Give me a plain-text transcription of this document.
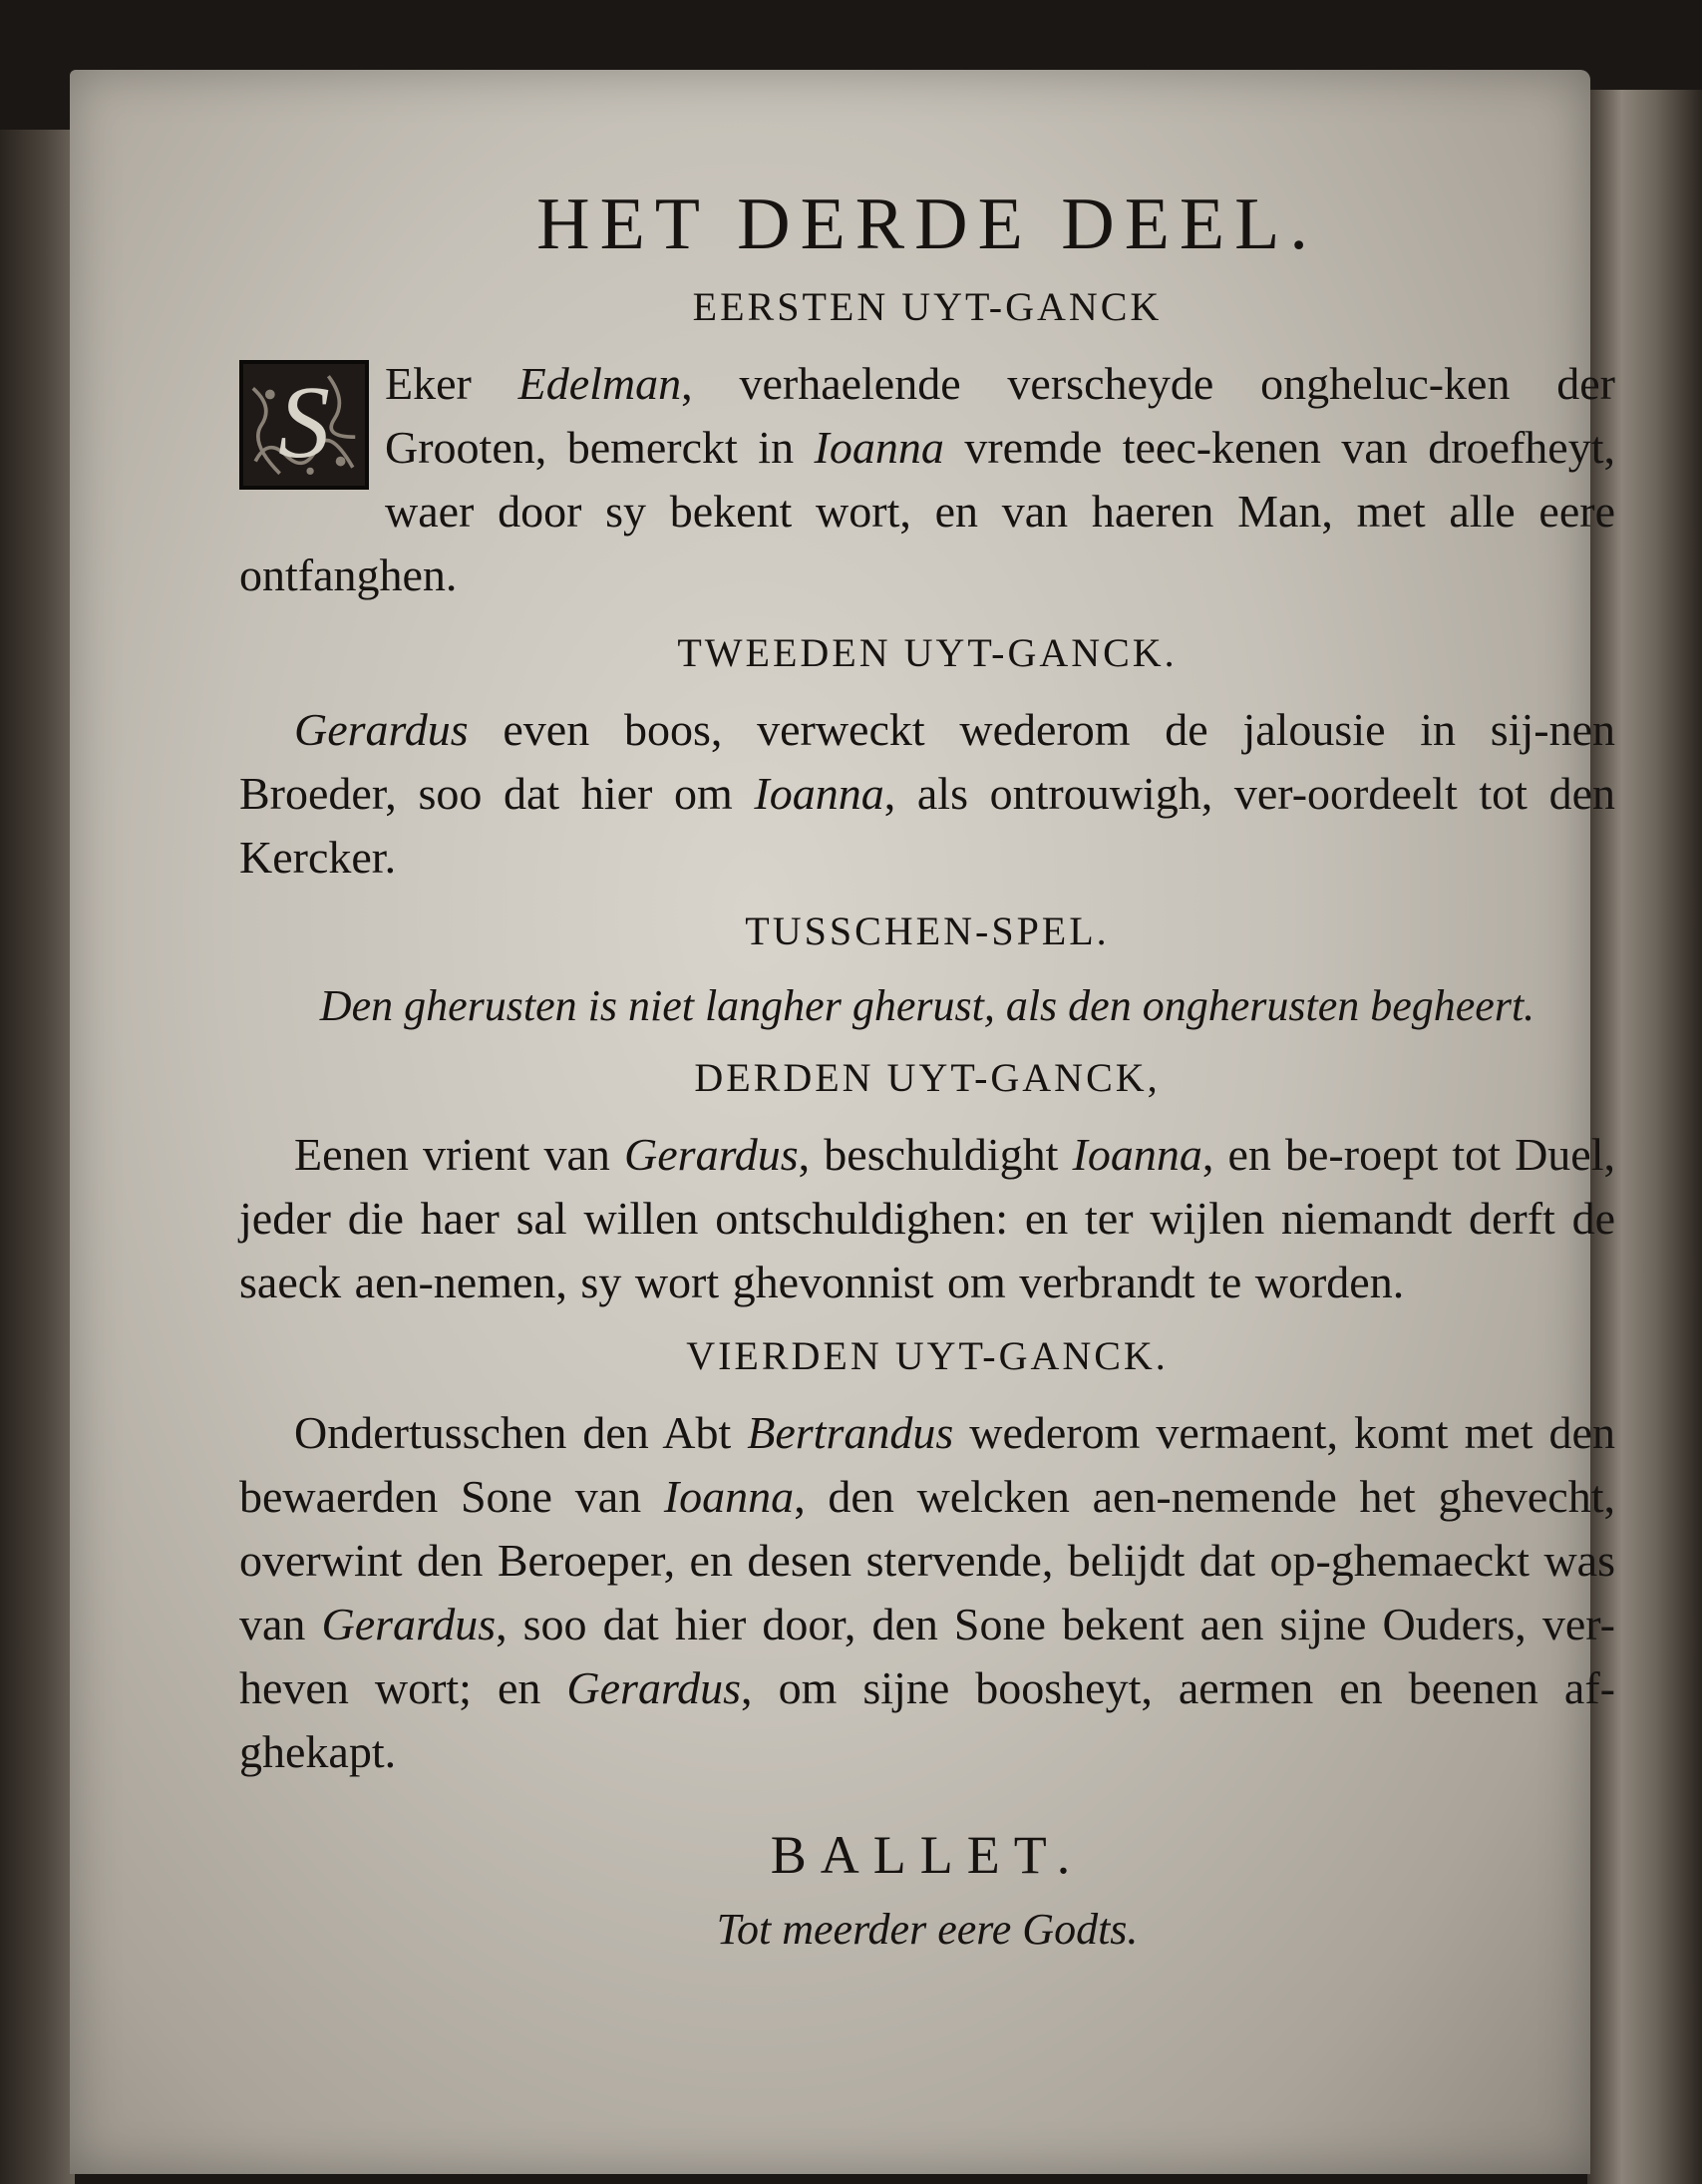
HET DERDE DEEL.
EERSTEN UYT-GANCK

S	Eker Edelman, verhaelende verscheyde ongheluc-ken der Grooten, bemerckt in Ioanna vremde teec-kenen van droefheyt, waer door sy bekent wort, en van haeren Man, met alle eere ontfanghen.

TWEEDEN UYT-GANCK.

Gerardus even boos, verweckt wederom de jalousie in sij-nen Broeder, soo dat hier om Ioanna, als ontrouwigh, ver-oordeelt tot den Kercker.

TUSSCHEN-SPEL.

Den gherusten is niet langher gherust, als den ongherusten begheert.

DERDEN UYT-GANCK,

Eenen vrient van Gerardus, beschuldight Ioanna, en be-roept tot Duel, jeder die haer sal willen ontschuldighen: en ter wijlen niemandt derft de saeck aen-nemen, sy wort ghevonnist om verbrandt te worden.

VIERDEN UYT-GANCK.

Ondertusschen den Abt Bertrandus wederom vermaent, komt met den bewaerden Sone van Ioanna, den welcken aen-nemende het ghevecht, overwint den Beroeper, en desen stervende, belijdt dat op-ghemaeckt was van Gerardus, soo dat hier door, den Sone bekent aen sijne Ouders, ver-heven wort; en Gerardus, om sijne boosheyt, aermen en beenen af-ghekapt.

BALLET.

Tot meerder eere Godts.
